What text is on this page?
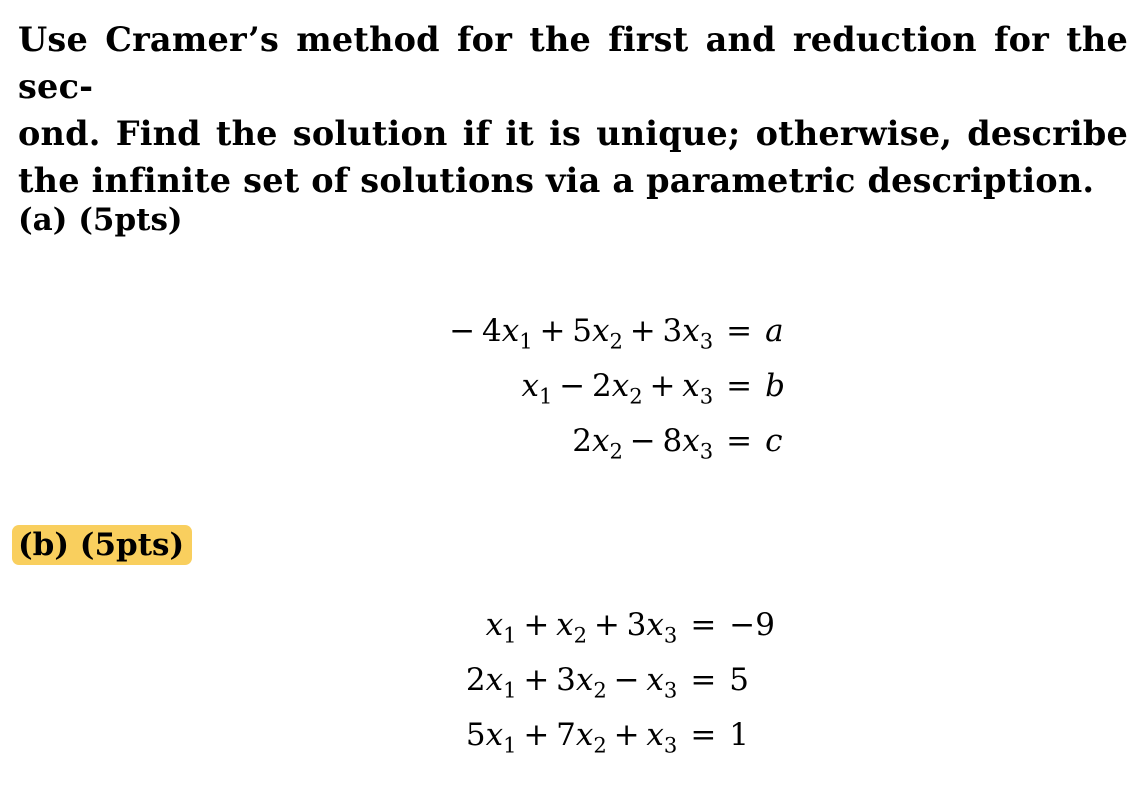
Use Cramer’s method for the first and reduction for the sec-
ond. Find the solution if it is unique; otherwise, describe
the infinite set of solutions via a parametric description.
(a) (5pts)
− $4x_1 + 5x_2 + 3x_3 = a$
$x_1 - 2x_2 + x_3 = b$
$2x_2 - 8x_3 = c$
(b) (5pts)
$x_1 + x_2 + 3x_3 = -9$
$2x_1 + 3x_2 - x_3 = 5$
$5x_1 + 7x_2 + x_3 = 1$
